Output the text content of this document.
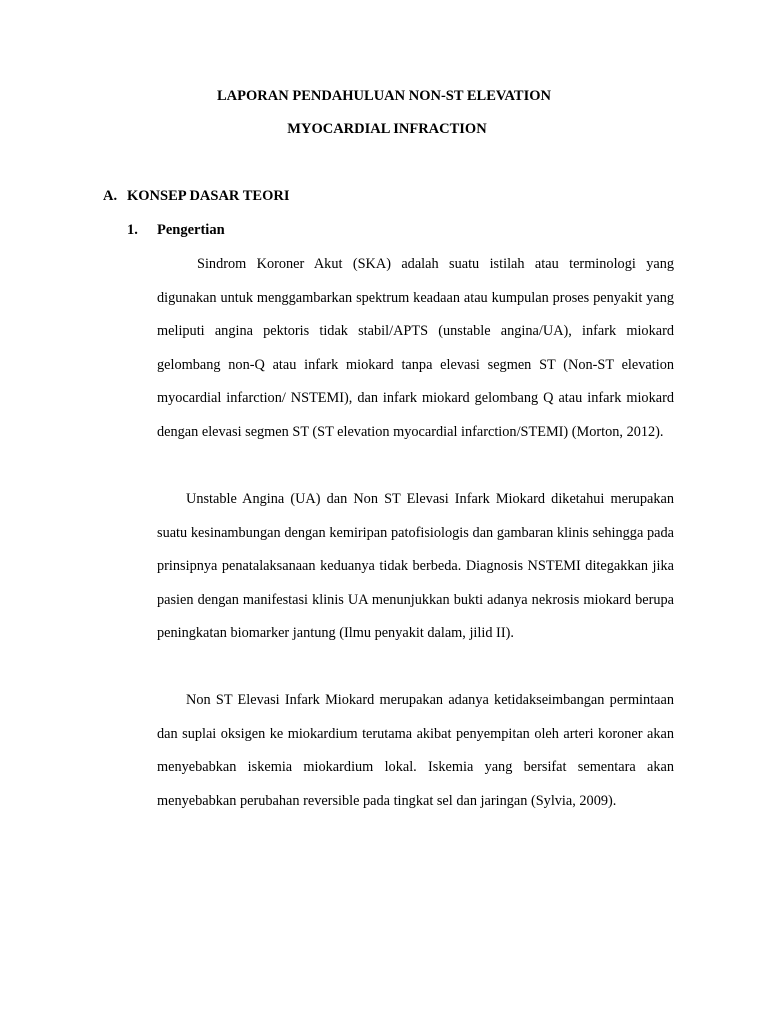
LAPORAN PENDAHULUAN NON-ST ELEVATION
MYOCARDIAL INFRACTION
A. KONSEP DASAR TEORI
1. Pengertian

Sindrom Koroner Akut (SKA) adalah suatu istilah atau terminologi yang digunakan untuk menggambarkan spektrum keadaan atau kumpulan proses penyakit yang meliputi angina pektoris tidak stabil/APTS (unstable angina/UA), infark miokard gelombang non-Q atau infark miokard tanpa elevasi segmen ST (Non-ST elevation myocardial infarction/ NSTEMI), dan infark miokard gelombang Q atau infark miokard dengan elevasi segmen ST (ST elevation myocardial infarction/STEMI) (Morton, 2012).

Unstable Angina (UA) dan Non ST Elevasi Infark Miokard diketahui merupakan suatu kesinambungan dengan kemiripan patofisiologis dan gambaran klinis sehingga pada prinsipnya penatalaksanaan keduanya tidak berbeda. Diagnosis NSTEMI ditegakkan jika pasien dengan manifestasi klinis UA menunjukkan bukti adanya nekrosis miokard berupa peningkatan biomarker jantung (Ilmu penyakit dalam, jilid II).

Non ST Elevasi Infark Miokard merupakan adanya ketidakseimbangan permintaan dan suplai oksigen ke miokardium terutama akibat penyempitan oleh arteri koroner akan menyebabkan iskemia miokardium lokal. Iskemia yang bersifat sementara akan menyebabkan perubahan reversible pada tingkat sel dan jaringan (Sylvia, 2009).
